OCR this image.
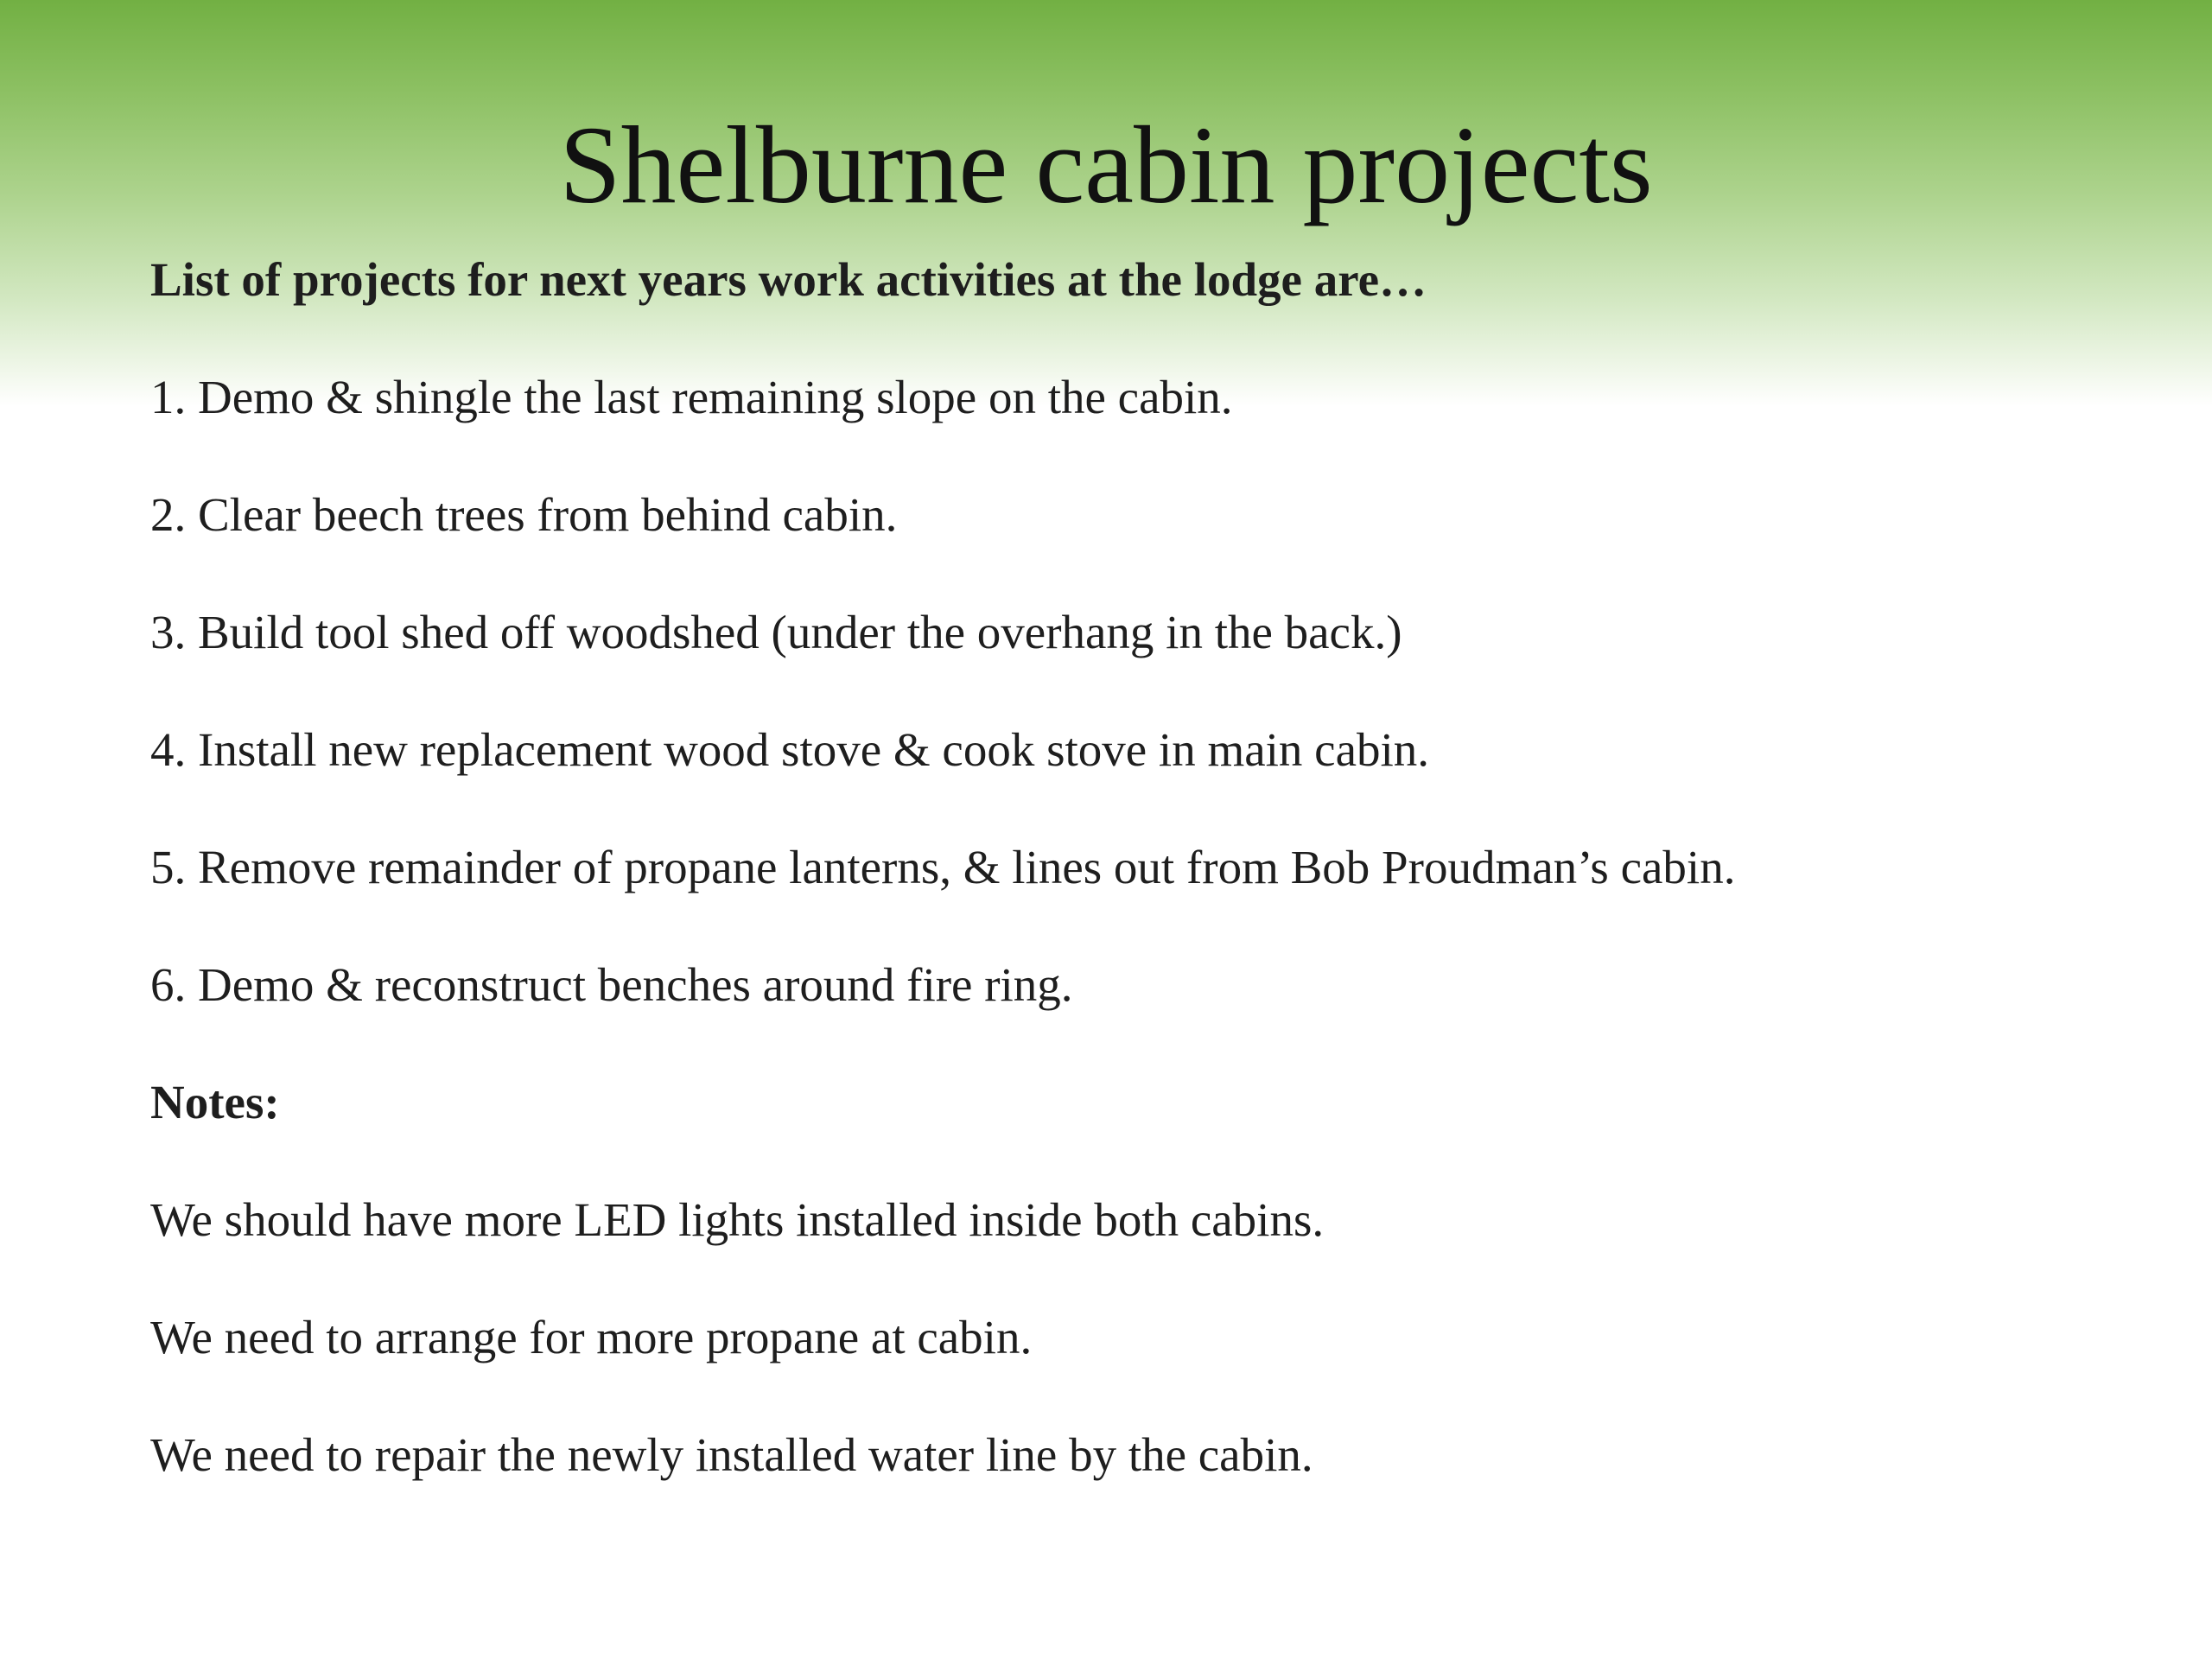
Shelburne cabin projects

List of projects for next years work activities at the lodge are…

1. Demo & shingle the last remaining slope on the cabin.

2. Clear beech trees from behind cabin.

3. Build tool shed off woodshed (under the overhang in the back.)

4. Install new replacement wood stove & cook stove in main cabin.

5. Remove remainder of propane lanterns, & lines out from Bob Proudman’s cabin.

6. Demo & reconstruct benches around fire ring.

Notes:

We should have more LED lights installed inside both cabins.

We need to arrange for more propane at cabin.

We need to repair the newly installed water line by the cabin.
